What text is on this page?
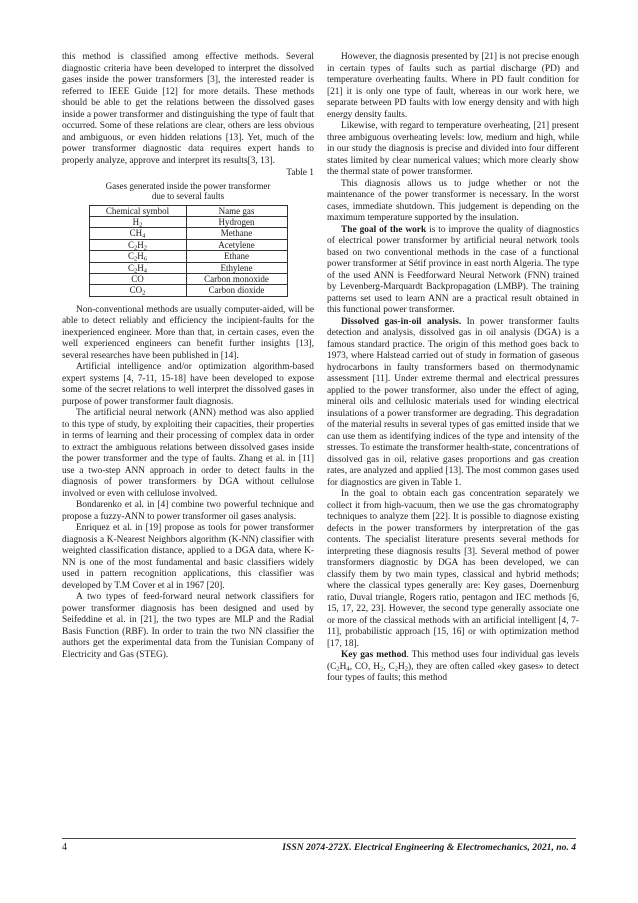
this method is classified among effective methods. Several diagnostic criteria have been developed to interpret the dissolved gases inside the power transformers [3], the interested reader is referred to IEEE Guide [12] for more details. These methods should be able to get the relations between the dissolved gases inside a power transformer and distinguishing the type of fault that occurred. Some of these relations are clear, others are less obvious and ambiguous, or even hidden relations [13]. Yet, much of the power transformer diagnostic data requires expert hands to properly analyze, approve and interpret its results[3, 13].

Table 1
Gases generated inside the power transformer
due to several faults
Chemical symbol	Name gas
$H_2$	Hydrogen
$CH_4$	Methane
$C_2H_2$	Acetylene
$C_2H_6$	Ethane
$C_2H_4$	Ethylene
CO	Carbon monoxide
$CO_2$	Carbon dioxide

Non-conventional methods are usually computer-aided, will be able to detect reliably and efficiency the incipient-faults for the inexperienced engineer. More than that, in certain cases, even the well experienced engineers can benefit further insights [13], several researches have been published in [14].

Artificial intelligence and/or optimization algorithm-based expert systems [4, 7-11, 15-18] have been developed to expose some of the secret relations to well interpret the dissolved gases in purpose of power transformer fault diagnosis.

The artificial neural network (ANN) method was also applied to this type of study, by exploiting their capacities, their properties in terms of learning and their processing of complex data in order to extract the ambiguous relations between dissolved gases inside the power transformer and the type of faults. Zhang et al. in [11] use a two-step ANN approach in order to detect faults in the diagnosis of power transformers by DGA without cellulose involved or even with cellulose involved.

Bondarenko et al. in [4] combine two powerful technique and propose a fuzzy-ANN to power transformer oil gases analysis.

Enriquez et al. in [19] propose as tools for power transformer diagnosis a K-Nearest Neighbors algorithm (K-NN) classifier with weighted classification distance, applied to a DGA data, where K-NN is one of the most fundamental and basic classifiers widely used in pattern recognition applications, this classifier was developed by T.M Cover et al in 1967 [20].

A two types of feed-forward neural network classifiers for power transformer diagnosis has been designed and used by Seifeddine et al. in [21], the two types are MLP and the Radial Basis Function (RBF). In order to train the two NN classifier the authors get the experimental data from the Tunisian Company of Electricity and Gas (STEG).

However, the diagnosis presented by [21] is not precise enough in certain types of faults such as partial discharge (PD) and temperature overheating faults. Where in PD fault condition for [21] it is only one type of fault, whereas in our work here, we separate between PD faults with low energy density and with high energy density faults.

Likewise, with regard to temperature overheating, [21] present three ambiguous overheating levels: low, medium and high, while in our study the diagnosis is precise and divided into four different states limited by clear numerical values; which more clearly show the thermal state of power transformer.

This diagnosis allows us to judge whether or not the maintenance of the power transformer is necessary. In the worst cases, immediate shutdown. This judgement is depending on the maximum temperature supported by the insulation.

The goal of the work is to improve the quality of diagnostics of electrical power transformer by artificial neural network tools based on two conventional methods in the case of a functional power transformer at Sétif province in east north Algeria. The type of the used ANN is Feedforward Neural Network (FNN) trained by Levenberg-Marquardt Backpropagation (LMBP). The training patterns set used to learn ANN are a practical result obtained in this functional power transformer.

Dissolved gas-in-oil analysis. In power transformer faults detection and analysis, dissolved gas in oil analysis (DGA) is a famous standard practice. The origin of this method goes back to 1973, where Halstead carried out of study in formation of gaseous hydrocarbons in faulty transformers based on thermodynamic assessment [11]. Under extreme thermal and electrical pressures applied to the power transformer, also under the effect of aging, mineral oils and cellulosic materials used for winding electrical insulations of a power transformer are degrading. This degradation of the material results in several types of gas emitted inside that we can use them as identifying indices of the type and intensity of the stresses. To estimate the transformer health-state, concentrations of dissolved gas in oil, relative gases proportions and gas creation rates, are analyzed and applied [13]. The most common gases used for diagnostics are given in Table 1.

In the goal to obtain each gas concentration separately we collect it from high-vacuum, then we use the gas chromatography techniques to analyze them [22]. It is possible to diagnose existing defects in the power transformers by interpretation of the gas contents. The specialist literature presents several methods for interpreting these diagnosis results [3]. Several method of power transformers diagnostic by DGA has been developed, we can classify them by two main types, classical and hybrid methods; where the classical types generally are: Key gases, Doernenburg ratio, Duval triangle, Rogers ratio, pentagon and IEC methods [6, 15, 17, 22, 23]. However, the second type generally associate one or more of the classical methods with an artificial intelligent [4, 7-11], probabilistic approach [15, 16] or with optimization method [17, 18].

Key gas method. This method uses four individual gas levels ($C_2H_4$, CO, $H_2$, $C_2H_2$), they are often called «key gases» to detect four types of faults; this method

4	ISSN 2074-272X. Electrical Engineering & Electromechanics, 2021, no. 4
